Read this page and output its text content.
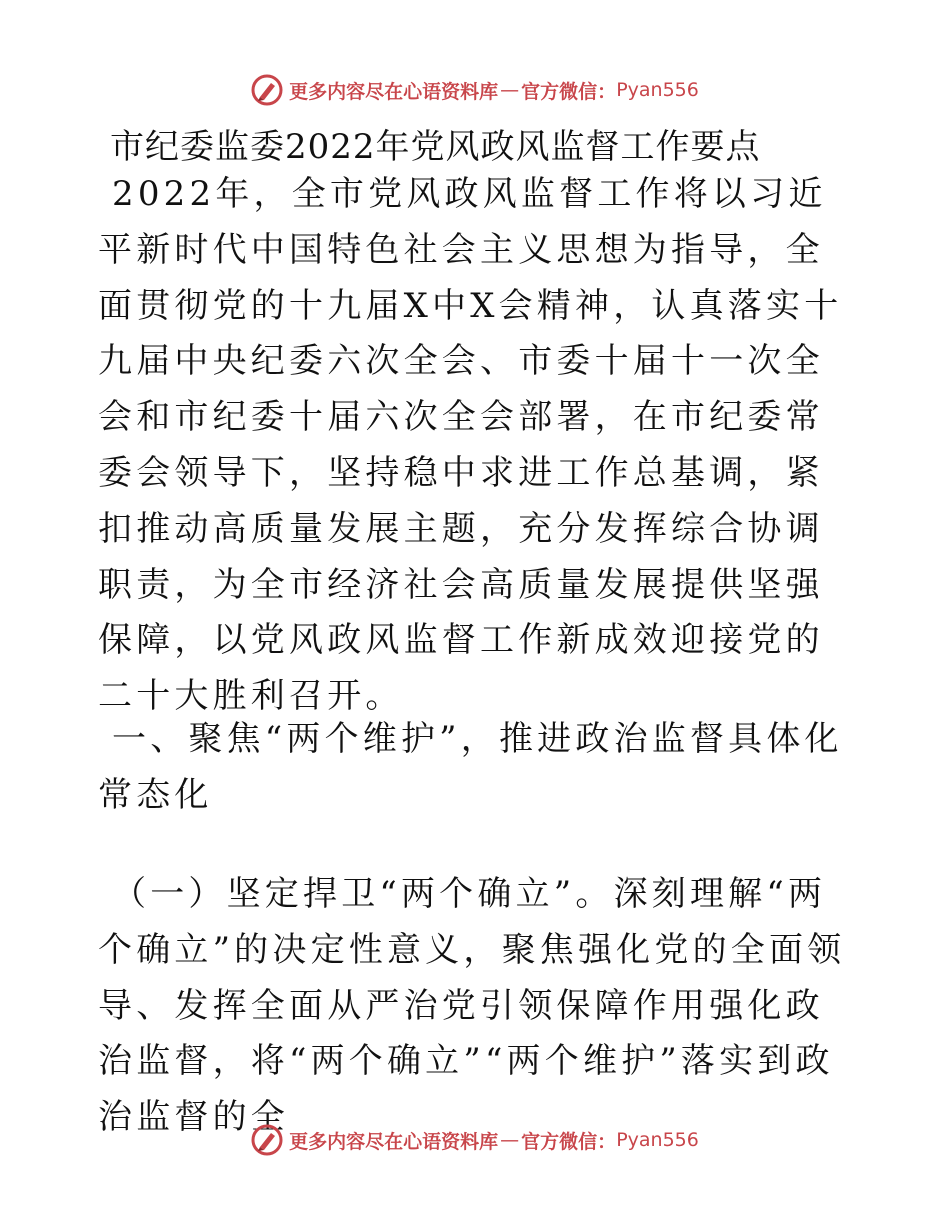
更多内容尽在心语资料库 — 官方微信： Pyan556
市纪委监委2022年党风政风监督工作要点

2022年，全市党风政风监督工作将以习近平新时代中国特色社会主义思想为指导，全面贯彻党的十九届X中X会精神，认真落实十九届中央纪委六次全会、市委十届十一次全会和市纪委十届六次全会部署，在市纪委常委会领导下，坚持稳中求进工作总基调，紧扣推动高质量发展主题，充分发挥综合协调职责，为全市经济社会高质量发展提供坚强保障，以党风政风监督工作新成效迎接党的二十大胜利召开。

一、聚焦“两个维护”，推进政治监督具体化常态化

（一）坚定捍卫“两个确立”。深刻理解“两个确立”的决定性意义，聚焦强化党的全面领导、发挥全面从严治党引领保障作用强化政治监督，将“两个确立”“两个维护”落实到政治监督的全

更多内容尽在心语资料库 — 官方微信： Pyan556
